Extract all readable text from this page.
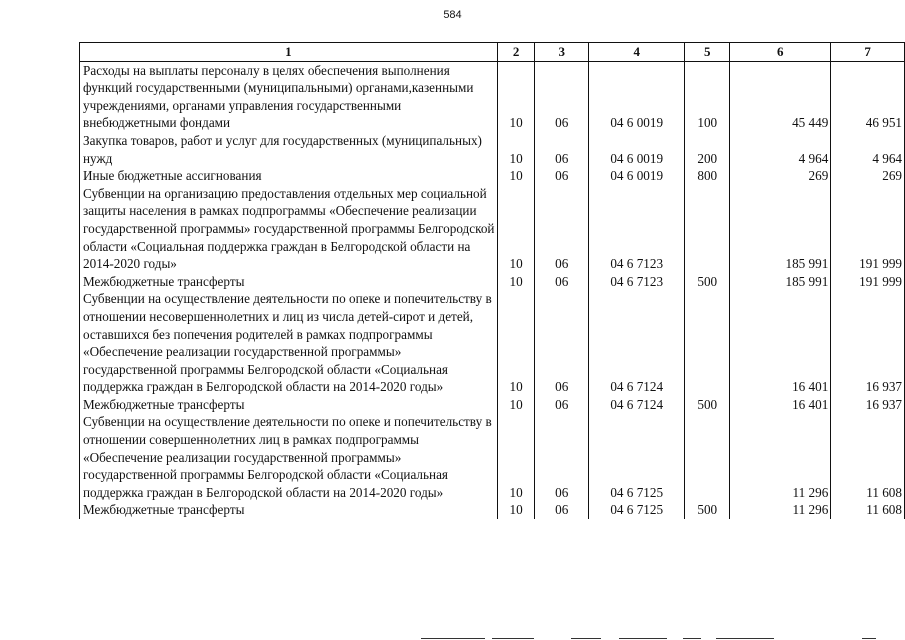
584
1	2	3	4	5	6	7
Расходы на выплаты персоналу в целях обеспечения выполнения функций государственными (муниципальными) органами,казенными учреждениями, органами управления государственными внебюджетными фондами	10	06	04 6 0019	100	45 449	46 951
Закупка товаров, работ и услуг для государственных (муниципальных) нужд	10	06	04 6 0019	200	4 964	4 964
Иные бюджетные ассигнования	10	06	04 6 0019	800	269	269
Субвенции на организацию предоставления отдельных мер социальной защиты населения в рамках подпрограммы «Обеспечение реализации государственной программы» государственной программы Белгородской области «Социальная поддержка граждан в Белгородской области на 2014-2020 годы»	10	06	04 6 7123		185 991	191 999
Межбюджетные трансферты	10	06	04 6 7123	500	185 991	191 999
Субвенции на осуществление деятельности по опеке и попечительству в отношении несовершеннолетних и лиц из числа детей-сирот и детей, оставшихся без попечения родителей в рамках подпрограммы «Обеспечение реализации государственной программы» государственной программы Белгородской области «Социальная поддержка граждан в Белгородской области на 2014-2020 годы»	10	06	04 6 7124		16 401	16 937
Межбюджетные трансферты	10	06	04 6 7124	500	16 401	16 937
Субвенции на осуществление деятельности по опеке и попечительству в отношении совершеннолетних лиц в рамках подпрограммы «Обеспечение реализации государственной программы» государственной программы Белгородской области «Социальная поддержка граждан в Белгородской области на 2014-2020 годы»	10	06	04 6 7125		11 296	11 608
Межбюджетные трансферты	10	06	04 6 7125	500	11 296	11 608
